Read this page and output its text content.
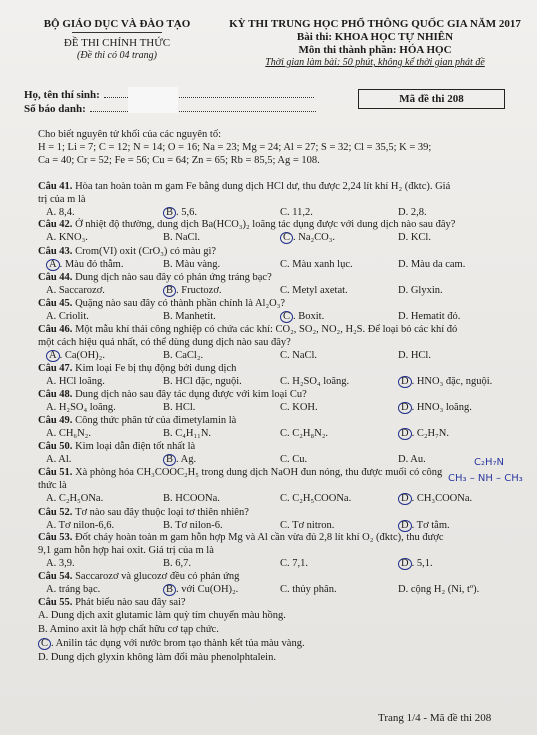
BỘ GIÁO DỤC VÀ ĐÀO TẠO
ĐỀ THI CHÍNH THỨC
(Đề thi có 04 trang)
KỲ THI TRUNG HỌC PHỔ THÔNG QUỐC GIA NĂM 2017
Bài thi: KHOA HỌC TỰ NHIÊN
Môn thi thành phần: HÓA HỌC
Thời gian làm bài: 50 phút, không kể thời gian phát đề
Họ, tên thí sinh:
Số báo danh:
Mã đề thi 208
Cho biết nguyên tử khối của các nguyên tố:
H = 1; Li = 7; C = 12; N = 14; O = 16; Na = 23; Mg = 24; Al = 27; S = 32; Cl = 35,5; K = 39;
Ca = 40; Cr = 52; Fe = 56; Cu = 64; Zn = 65; Rb = 85,5; Ag = 108.
Câu 41. Hòa tan hoàn toàn m gam Fe bằng dung dịch HCl dư, thu được 2,24 lít khí H₂ (đktc). Giá
trị của m là
A. 8,4.	B . 5,6.	C. 11,2.	D. 2,8.
Câu 42. Ở nhiệt độ thường, dung dịch Ba(HCO₃)₂ loãng tác dụng được với dung dịch nào sau đây?
A. KNO₃.	B. NaCl.	C . Na₂CO₃.	D. KCl.
Câu 43. Crom(VI) oxit (CrO₃) có màu gì?
A . Màu đỏ thẫm.	B. Màu vàng.	C. Màu xanh lục.	D. Màu da cam.
Câu 44. Dung dịch nào sau đây có phản ứng tráng bạc?
A. Saccarozơ.	B . Fructozơ.	C. Metyl axetat.	D. Glyxin.
Câu 45. Quặng nào sau đây có thành phần chính là Al₂O₃?
A. Criolit.	B. Manhetit.	C . Boxit.	D. Hematit đỏ.
Câu 46. Một mẫu khí thải công nghiệp có chứa các khí: CO₂, SO₂, NO₂, H₂S. Để loại bỏ các khí đó
một cách hiệu quả nhất, có thể dùng dung dịch nào sau đây?
A . Ca(OH)₂.	B. CaCl₂.	C. NaCl.	D. HCl.
Câu 47. Kim loại Fe bị thụ động bởi dung dịch
A. HCl loãng.	B. HCl đặc, nguội.	C. H₂SO₄ loãng.	D . HNO₃ đặc, nguội.
Câu 48. Dung dịch nào sau đây tác dụng được với kim loại Cu?
A. H₂SO₄ loãng.	B. HCl.	C. KOH.	D . HNO₃ loãng.
Câu 49. Công thức phân tử của đimetylamin là
A. CH₆N₂.	B. C₄H₁₁N.	C. C₂H₈N₂.	D . C₂H₇N.
Câu 50. Kim loại dẫn điện tốt nhất là
A. Al.	B . Ag.	C. Cu.	D. Au.
Câu 51. Xà phòng hóa CH₃COOC₂H₅ trong dung dịch NaOH đun nóng, thu được muối có công
thức là
A. C₂H₅ONa.	B. HCOONa.	C. C₂H₅COONa.	D . CH₃COONa.
Câu 52. Tơ nào sau đây thuộc loại tơ thiên nhiên?
A. Tơ nilon-6,6.	B. Tơ nilon-6.	C. Tơ nitron.	D . Tơ tằm.
Câu 53. Đốt cháy hoàn toàn m gam hỗn hợp Mg và Al cần vừa đủ 2,8 lít khí O₂ (đktc), thu được
9,1 gam hỗn hợp hai oxit. Giá trị của m là
A. 3,9.	B. 6,7.	C. 7,1.	D . 5,1.
Câu 54. Saccarozơ và glucozơ đều có phản ứng
A. tráng bạc.	B . với Cu(OH)₂.	C. thủy phân.	D. cộng H₂ (Ni, tº).
Câu 55. Phát biểu nào sau đây sai?
A. Dung dịch axit glutamic làm quỳ tím chuyển màu hồng.
B. Amino axit là hợp chất hữu cơ tạp chức.
C . Anilin tác dụng với nước brom tạo thành kết tủa màu vàng.
D. Dung dịch glyxin không làm đổi màu phenolphtalein.
C₂H₇N
CH₃ – NH – CH₃
Trang 1/4 - Mã đề thi 208
